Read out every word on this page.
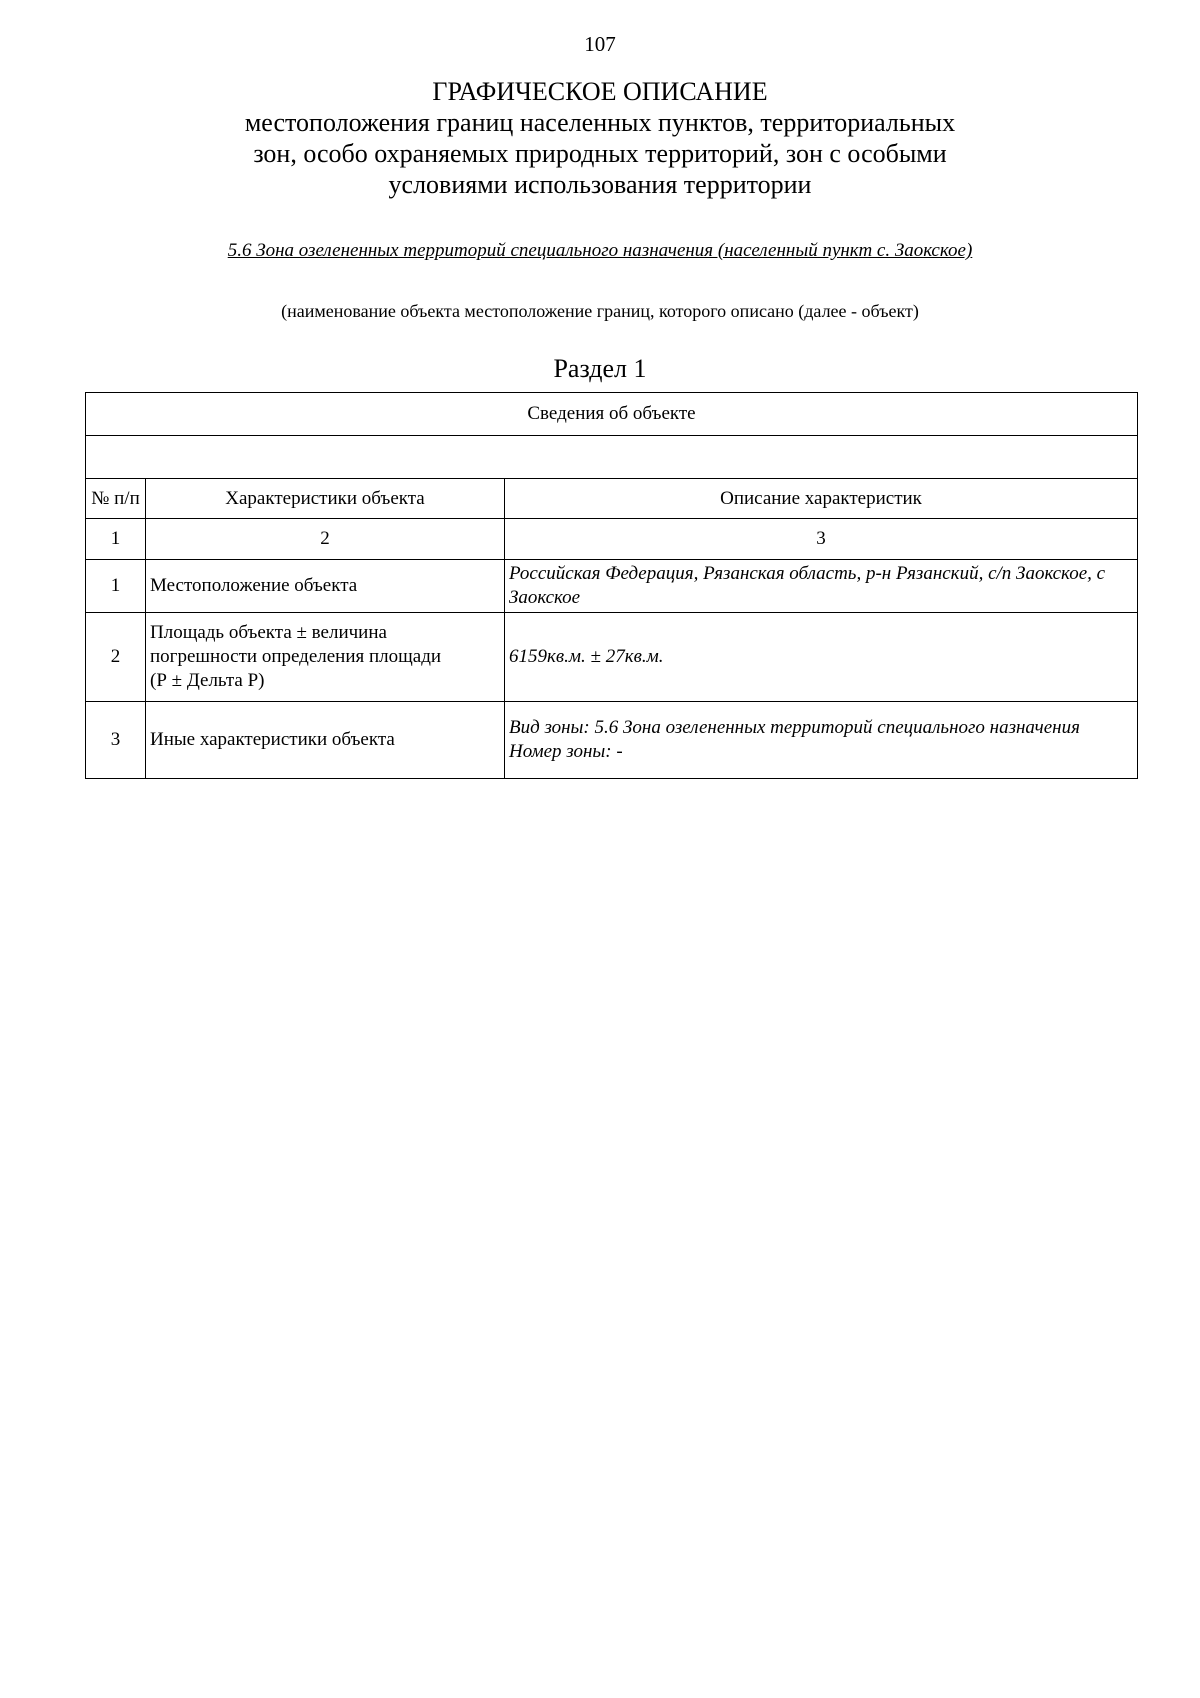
107
ГРАФИЧЕСКОЕ ОПИСАНИЕ
местоположения границ населенных пунктов, территориальных
зон, особо охраняемых природных территорий, зон с особыми
условиями использования территории
5.6 Зона озелененных территорий специального назначения (населенный пункт с. Заокское)
(наименование объекта местоположение границ, которого описано (далее - объект)
Раздел 1
Сведения об объекте		

№ п/п	Характеристики объекта	Описание характеристик
1	2	3
1	Местоположение объекта	Российская Федерация, Рязанская область, р-н Рязанский, с/п Заокское, с Заокское

2	Площадь объекта ± величина
погрешности определения площади
(Р ± Дельта Р)	6159кв.м. ± 27кв.м.

3	Иные характеристики объекта	Вид зоны: 5.6 Зона озелененных территорий специального назначения
Номер зоны: -
